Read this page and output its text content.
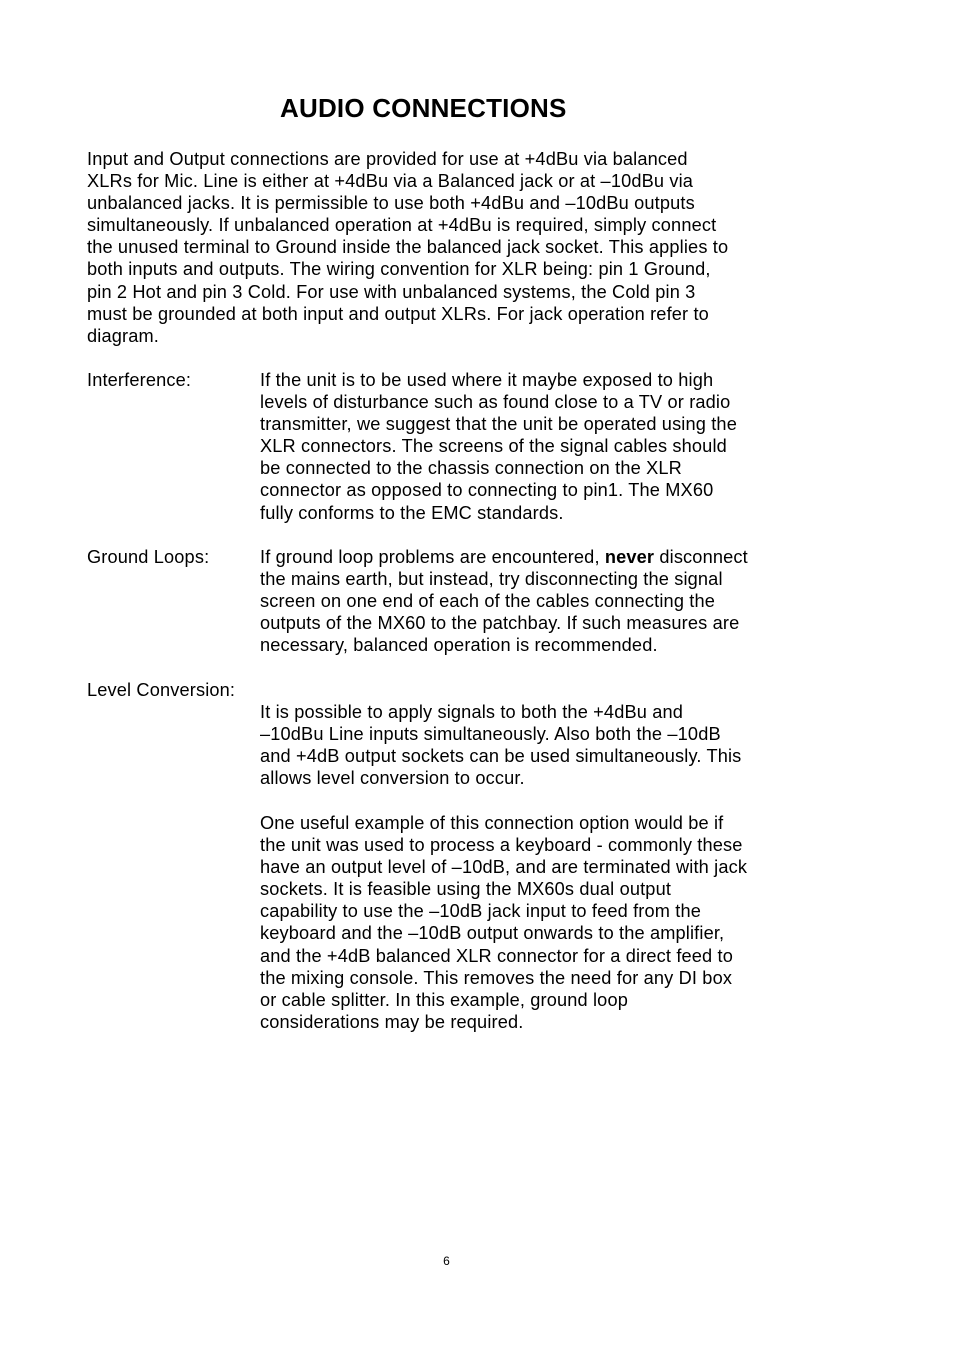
AUDIO CONNECTIONS

Input and Output connections are provided for use at +4dBu via balanced
XLRs for Mic. Line is either at +4dBu via a Balanced jack or at –10dBu via
unbalanced jacks. It is permissible to use both +4dBu and –10dBu outputs
simultaneously. If unbalanced operation at +4dBu is required, simply connect
the unused terminal to Ground inside the balanced jack socket. This applies to
both inputs and outputs. The wiring convention for XLR being: pin 1 Ground,
pin 2 Hot and pin 3 Cold. For use with unbalanced systems, the Cold pin 3
must be grounded at both input and output XLRs. For jack operation refer to
diagram.

Interference:	If the unit is to be used where it maybe exposed to high
levels of disturbance such as found close to a TV or radio
transmitter, we suggest that the unit be operated using the
XLR connectors. The screens of the signal cables should
be connected to the chassis connection on the XLR
connector as opposed to connecting to pin1. The MX60
fully conforms to the EMC standards.

Ground Loops:	If ground loop problems are encountered, never disconnect
the mains earth, but instead, try disconnecting the signal
screen on one end of each of the cables connecting the
outputs of the MX60 to the patchbay. If such measures are
necessary, balanced operation is recommended.

Level Conversion:

It is possible to apply signals to both the +4dBu and
–10dBu Line inputs simultaneously. Also both the –10dB
and +4dB output sockets can be used simultaneously. This
allows level conversion to occur.

One useful example of this connection option would be if
the unit was used to process a keyboard - commonly these
have an output level of –10dB, and are terminated with jack
sockets. It is feasible using the MX60s dual output
capability to use the –10dB jack input to feed from the
keyboard and the –10dB output onwards to the amplifier,
and the +4dB balanced XLR connector for a direct feed to
the mixing console. This removes the need for any DI box
or cable splitter. In this example, ground loop
considerations may be required.

6
